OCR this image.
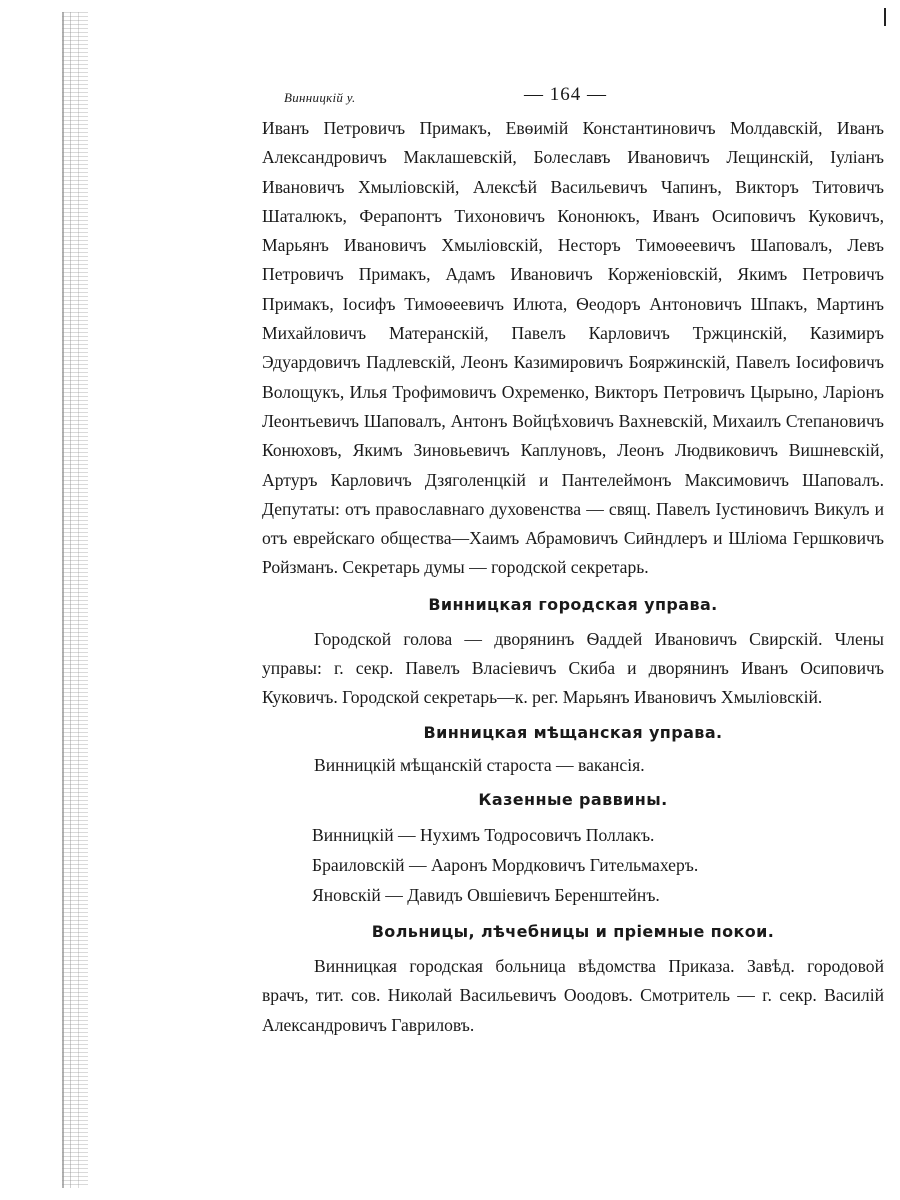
Винницкій у.	— 164 —

Иванъ Петровичъ Примакъ, Евѳимій Константиновичъ Молдавскій, Иванъ Александровичъ Маклашевскій, Болеславъ Ивановичъ Лещинскій, Іуліанъ Ивановичъ Хмыліовскій, Алексѣй Васильевичъ Чапинъ, Викторъ Титовичъ Шаталюкъ, Ферапонтъ Тихоновичъ Кононюкъ, Иванъ Осиповичъ Куковичъ, Марьянъ Ивановичъ Хмыліовскій, Несторъ Тимоѳеевичъ Шаповалъ, Левъ Петровичъ Примакъ, Адамъ Ивановичъ Корженіовскій, Якимъ Петровичъ Примакъ, Іосифъ Тимоѳеевичъ Илюта, Ѳеодоръ Антоновичъ Шпакъ, Мартинъ Михайловичъ Матеранскій, Павелъ Карловичъ Тржцинскій, Казимиръ Эдуардовичъ Падлевскій, Леонъ Казимировичъ Бояржинскій, Павелъ Іосифовичъ Волощукъ, Илья Трофимовичъ Охременко, Викторъ Петровичъ Цырыно, Ларіонъ Леонтьевичъ Шаповалъ, Антонъ Войцѣховичъ Вахневскій, Михаилъ Степановичъ Конюховъ, Якимъ Зиновьевичъ Каплуновъ, Леонъ Людвиковичъ Вишневскій, Артуръ Карловичъ Дзяголенцкій и Пантелеймонъ Максимовичъ Шаповалъ. Депутаты: отъ православнаго духовенства — свящ. Павелъ Іустиновичъ Викулъ и отъ еврейскаго общества—Хаимъ Абрамовичъ Сиӣндлеръ и Шліома Гершковичъ Ройзманъ. Секретарь думы — городской секретарь.

Винницкая городская управа.

Городской голова — дворянинъ Ѳаддей Ивановичъ Свирскій. Члены управы: г. секр. Павелъ Власіевичъ Скиба и дворянинъ Иванъ Осиповичъ Куковичъ. Городской секретарь—к. рег. Марьянъ Ивановичъ Хмыліовскій.

Винницкая мѣщанская управа.

Винницкій мѣщанскій староста — вакансія.

Казенные раввины.

Винницкій — Нухимъ Тодросовичъ Поллакъ.

Браиловскій — Ааронъ Мордковичъ Гительмахеръ.

Яновскій — Давидъ Овшіевичъ Беренштейнъ.

Вольницы, лѣчебницы и пріемные покои.

Винницкая городская больница вѣдомства Приказа. Завѣд. городовой врачъ, тит. сов. Николай Васильевичъ Ооодовъ. Смотритель — г. секр. Василій Александровичъ Гавриловъ.
